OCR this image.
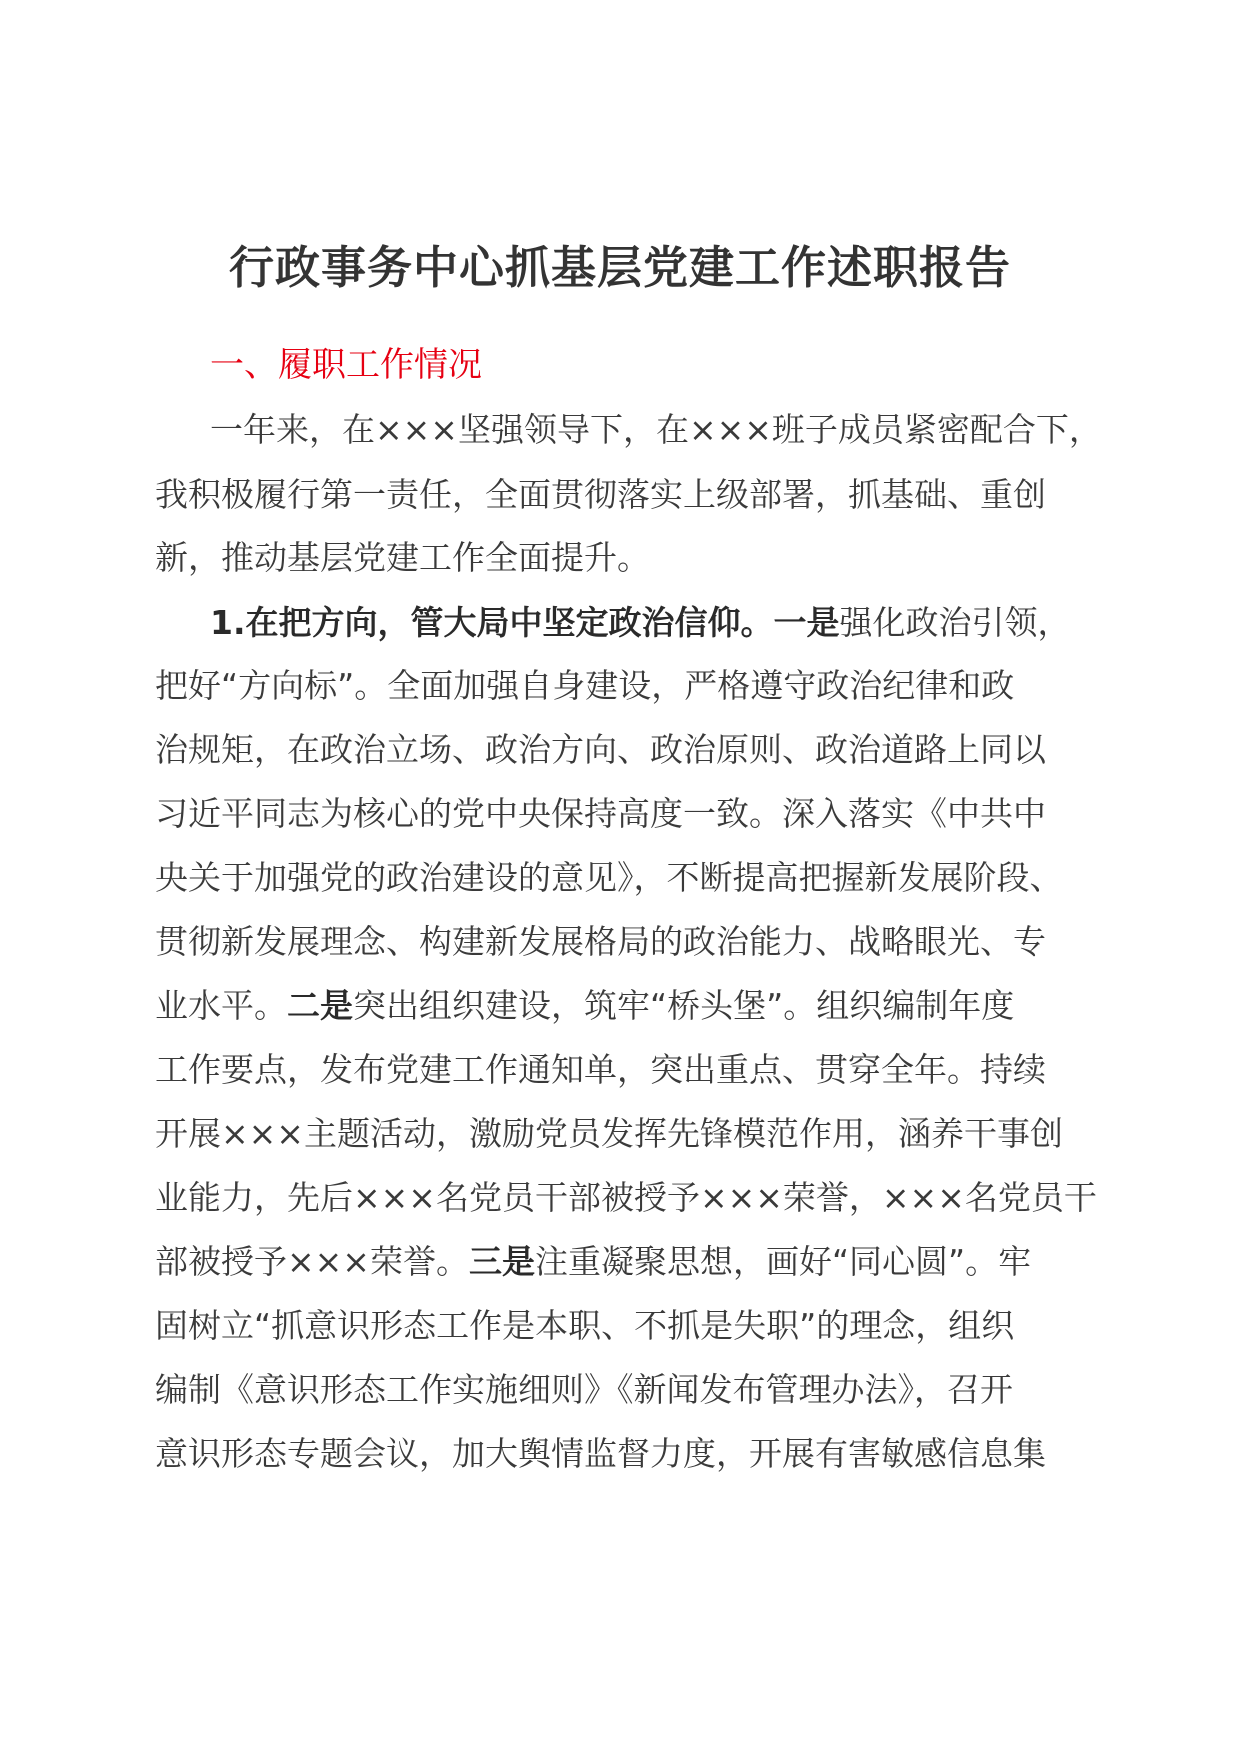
行政事务中心抓基层党建工作述职报告
一、履职工作情况
一年来，在×××坚强领导下，在×××班子成员紧密配合下，
我积极履行第一责任，全面贯彻落实上级部署，抓基础、重创
新，推动基层党建工作全面提升。
1.在把方向，管大局中坚定政治信仰。一是强化政治引领，
把好“方向标”。全面加强自身建设，严格遵守政治纪律和政
治规矩，在政治立场、政治方向、政治原则、政治道路上同以
习近平同志为核心的党中央保持高度一致。深入落实《中共中
央关于加强党的政治建设的意见》，不断提高把握新发展阶段、
贯彻新发展理念、构建新发展格局的政治能力、战略眼光、专
业水平。二是突出组织建设，筑牢“桥头堡”。组织编制年度
工作要点，发布党建工作通知单，突出重点、贯穿全年。持续
开展×××主题活动，激励党员发挥先锋模范作用，涵养干事创
业能力，先后×××名党员干部被授予×××荣誉，×××名党员干
部被授予×××荣誉。三是注重凝聚思想，画好“同心圆”。牢
固树立“抓意识形态工作是本职、不抓是失职”的理念，组织
编制《意识形态工作实施细则》《新闻发布管理办法》，召开
意识形态专题会议，加大舆情监督力度，开展有害敏感信息集
